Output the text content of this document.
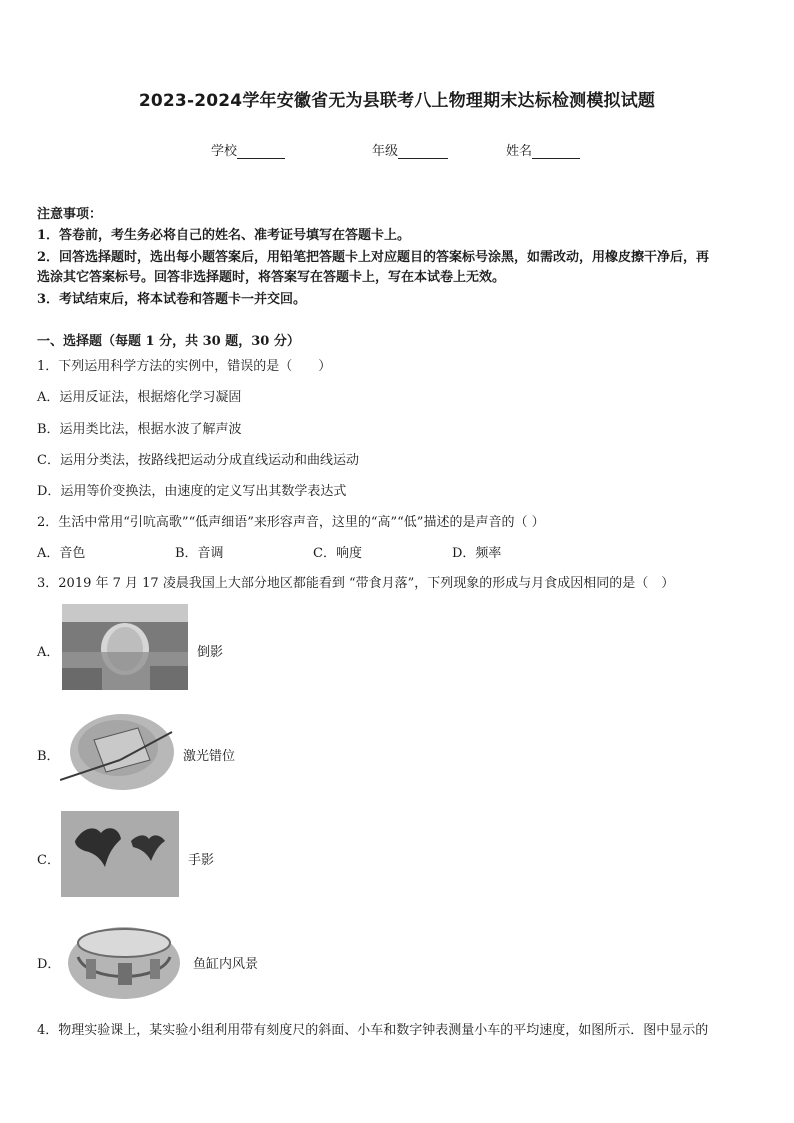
2023-2024学年安徽省无为县联考八上物理期末达标检测模拟试题
学校	年级	姓名
注意事项：
1．答卷前，考生务必将自己的姓名、准考证号填写在答题卡上。
2．回答选择题时，选出每小题答案后，用铅笔把答题卡上对应题目的答案标号涂黑，如需改动，用橡皮擦干净后，再
选涂其它答案标号。回答非选择题时，将答案写在答题卡上，写在本试卷上无效。
3．考试结束后，将本试卷和答题卡一并交回。
一、选择题（每题 1 分，共 30 题，30 分）
1．下列运用科学方法的实例中，错误的是（　　）
A．运用反证法，根据熔化学习凝固
B．运用类比法，根据水波了解声波
C．运用分类法，按路线把运动分成直线运动和曲线运动
D．运用等价变换法，由速度的定义写出其数学表达式
2．生活中常用“引吭高歌”“低声细语”来形容声音，这里的“高”“低”描述的是声音的（ ）
A．音色	B．音调	C．响度	D．频率
3．2019 年 7 月 17 凌晨我国上大部分地区都能看到 “带食月落”，下列现象的形成与月食成因相同的是（　）
A．	倒影
B．	激光错位
C．	手影
D．	鱼缸内风景
4．物理实验课上，某实验小组利用带有刻度尺的斜面、小车和数字钟表测量小车的平均速度，如图所示．图中显示的
